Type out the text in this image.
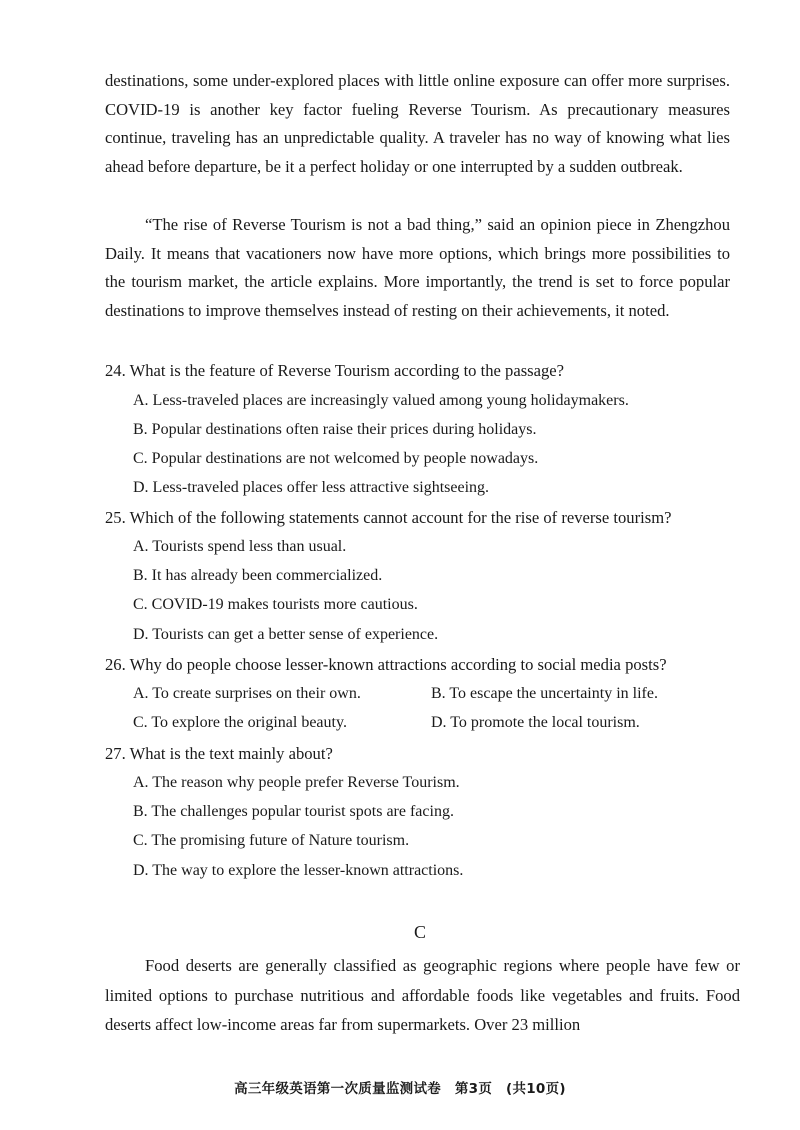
destinations, some under-explored places with little online exposure can offer more surprises. COVID-19 is another key factor fueling Reverse Tourism. As precautionary measures continue, traveling has an unpredictable quality. A traveler has no way of knowing what lies ahead before departure, be it a perfect holiday or one interrupted by a sudden outbreak.

“The rise of Reverse Tourism is not a bad thing,” said an opinion piece in Zhengzhou Daily. It means that vacationers now have more options, which brings more possibilities to the tourism market, the article explains. More importantly, the trend is set to force popular destinations to improve themselves instead of resting on their achievements, it noted.

24. What is the feature of Reverse Tourism according to the passage?

A. Less-traveled places are increasingly valued among young holidaymakers.

B. Popular destinations often raise their prices during holidays.

C. Popular destinations are not welcomed by people nowadays.

D. Less-traveled places offer less attractive sightseeing.

25. Which of the following statements cannot account for the rise of reverse tourism?

A. Tourists spend less than usual.

B. It has already been commercialized.

C. COVID-19 makes tourists more cautious.

D. Tourists can get a better sense of experience.

26. Why do people choose lesser-known attractions according to social media posts?

A. To create surprises on their own.	B. To escape the uncertainty in life.

C. To explore the original beauty.	D. To promote the local tourism.

27. What is the text mainly about?

A. The reason why people prefer Reverse Tourism.

B. The challenges popular tourist spots are facing.

C. The promising future of Nature tourism.

D. The way to explore the lesser-known attractions.

C

Food deserts are generally classified as geographic regions where people have few or limited options to purchase nutritious and affordable foods like vegetables and fruits. Food deserts affect low-income areas far from supermarkets. Over 23 million

高三年级英语第一次质量监测试卷　第3页　(共10页)
